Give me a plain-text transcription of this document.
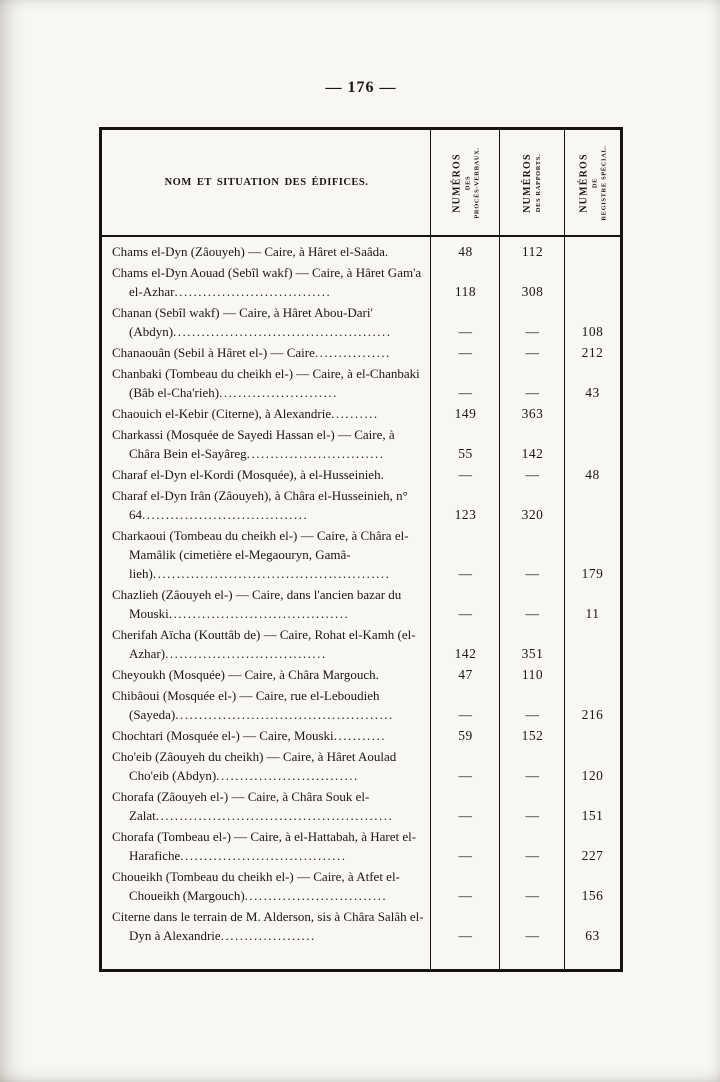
— 176 —
NOM ET SITUATION DES ÉDIFICES.	NUMÉROS DES PROCÈS-VERBAUX.	NUMÉROS DES RAPPORTS.	NUMÉROS DE REGISTRE SPÉCIAL.
Chams el-Dyn (Zâouyeh) — Caire, à Hâret el-Saâda.	48	112
Chams el-Dyn Aouad (Sebîl wakf) — Caire, à Hâret Gam'a el-Azhar.................................	118	308
Chanan (Sebîl wakf) — Caire, à Hâret Abou-Dari' (Abdyn)..............................................	—	—	108
Chanaouân (Sebil à Hâret el-) — Caire................	—	—	212
Chanbaki (Tombeau du cheikh el-) — Caire, à el-Chanbaki (Bâb el-Cha'rieh).........................	—	—	43
Chaouich el-Kebir (Citerne), à Alexandrie..........	149	363
Charkassi (Mosquée de Sayedi Hassan el-) — Caire, à Châra Bein el-Sayâreg.............................	55	142
Charaf el-Dyn el-Kordi (Mosquée), à el-Husseinieh.	—	—	48
Charaf el-Dyn Irân (Zâouyeh), à Châra el-Husseinieh, n° 64...................................	123	320
Charkaoui (Tombeau du cheikh el-) — Caire, à Châra el-Mamâlik (cimetière el-Megaouryn, Gamâ-lieh)..................................................	—	—	179
Chazlieh (Zâouyeh el-) — Caire, dans l'ancien bazar du Mouski......................................	—	—	11
Cherifah Aïcha (Kouttâb de) — Caire, Rohat el-Kamh (el-Azhar)..................................	142	351
Cheyoukh (Mosquée) — Caire, à Châra Margouch.	47	110
Chibâoui (Mosquée el-) — Caire, rue el-Leboudieh (Sayeda)..............................................	—	—	216
Chochtari (Mosquée el-) — Caire, Mouski...........	59	152
Cho'eib (Zâouyeh du cheikh) — Caire, à Hâret Aoulad Cho'eib (Abdyn)..............................	—	—	120
Chorafa (Zâouyeh el-) — Caire, à Châra Souk el-Zalat..................................................	—	—	151
Chorafa (Tombeau el-) — Caire, à el-Hattabah, à Haret el-Harafiche...................................	—	—	227
Choueikh (Tombeau du cheikh el-) — Caire, à Atfet el-Choueikh (Margouch)..............................	—	—	156
Citerne dans le terrain de M. Alderson, sis à Châra Salâh el-Dyn à Alexandrie....................	—	—	63
